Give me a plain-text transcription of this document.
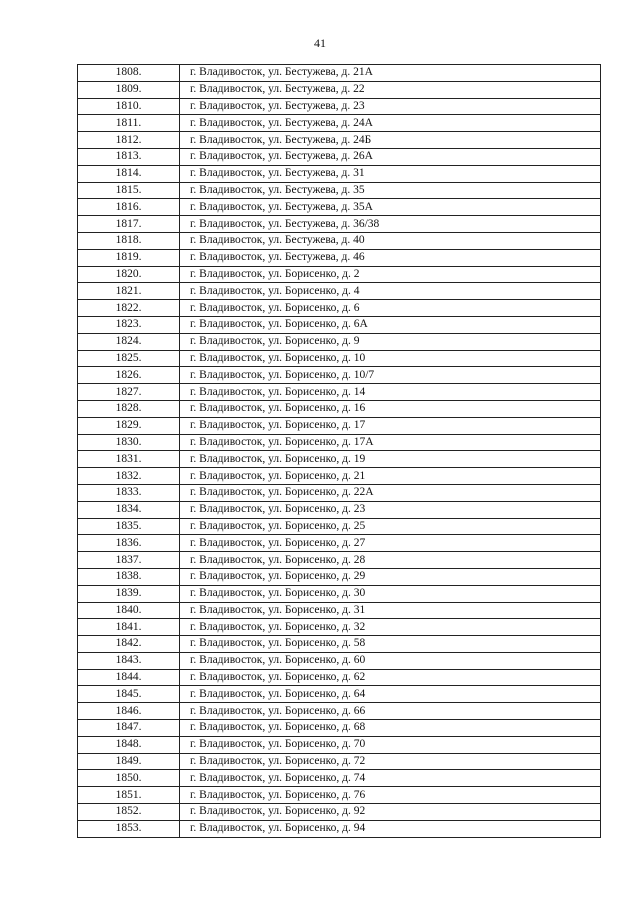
41
1808.	г. Владивосток, ул. Бестужева, д. 21А
1809.	г. Владивосток, ул. Бестужева, д. 22
1810.	г. Владивосток, ул. Бестужева, д. 23
1811.	г. Владивосток, ул. Бестужева, д. 24А
1812.	г. Владивосток, ул. Бестужева, д. 24Б
1813.	г. Владивосток, ул. Бестужева, д. 26А
1814.	г. Владивосток, ул. Бестужева, д. 31
1815.	г. Владивосток, ул. Бестужева, д. 35
1816.	г. Владивосток, ул. Бестужева, д. 35А
1817.	г. Владивосток, ул. Бестужева, д. 36/38
1818.	г. Владивосток, ул. Бестужева, д. 40
1819.	г. Владивосток, ул. Бестужева, д. 46
1820.	г. Владивосток, ул. Борисенко, д. 2
1821.	г. Владивосток, ул. Борисенко, д. 4
1822.	г. Владивосток, ул. Борисенко, д. 6
1823.	г. Владивосток, ул. Борисенко, д. 6А
1824.	г. Владивосток, ул. Борисенко, д. 9
1825.	г. Владивосток, ул. Борисенко, д. 10
1826.	г. Владивосток, ул. Борисенко, д. 10/7
1827.	г. Владивосток, ул. Борисенко, д. 14
1828.	г. Владивосток, ул. Борисенко, д. 16
1829.	г. Владивосток, ул. Борисенко, д. 17
1830.	г. Владивосток, ул. Борисенко, д. 17А
1831.	г. Владивосток, ул. Борисенко, д. 19
1832.	г. Владивосток, ул. Борисенко, д. 21
1833.	г. Владивосток, ул. Борисенко, д. 22А
1834.	г. Владивосток, ул. Борисенко, д. 23
1835.	г. Владивосток, ул. Борисенко, д. 25
1836.	г. Владивосток, ул. Борисенко, д. 27
1837.	г. Владивосток, ул. Борисенко, д. 28
1838.	г. Владивосток, ул. Борисенко, д. 29
1839.	г. Владивосток, ул. Борисенко, д. 30
1840.	г. Владивосток, ул. Борисенко, д. 31
1841.	г. Владивосток, ул. Борисенко, д. 32
1842.	г. Владивосток, ул. Борисенко, д. 58
1843.	г. Владивосток, ул. Борисенко, д. 60
1844.	г. Владивосток, ул. Борисенко, д. 62
1845.	г. Владивосток, ул. Борисенко, д. 64
1846.	г. Владивосток, ул. Борисенко, д. 66
1847.	г. Владивосток, ул. Борисенко, д. 68
1848.	г. Владивосток, ул. Борисенко, д. 70
1849.	г. Владивосток, ул. Борисенко, д. 72
1850.	г. Владивосток, ул. Борисенко, д. 74
1851.	г. Владивосток, ул. Борисенко, д. 76
1852.	г. Владивосток, ул. Борисенко, д. 92
1853.	г. Владивосток, ул. Борисенко, д. 94
